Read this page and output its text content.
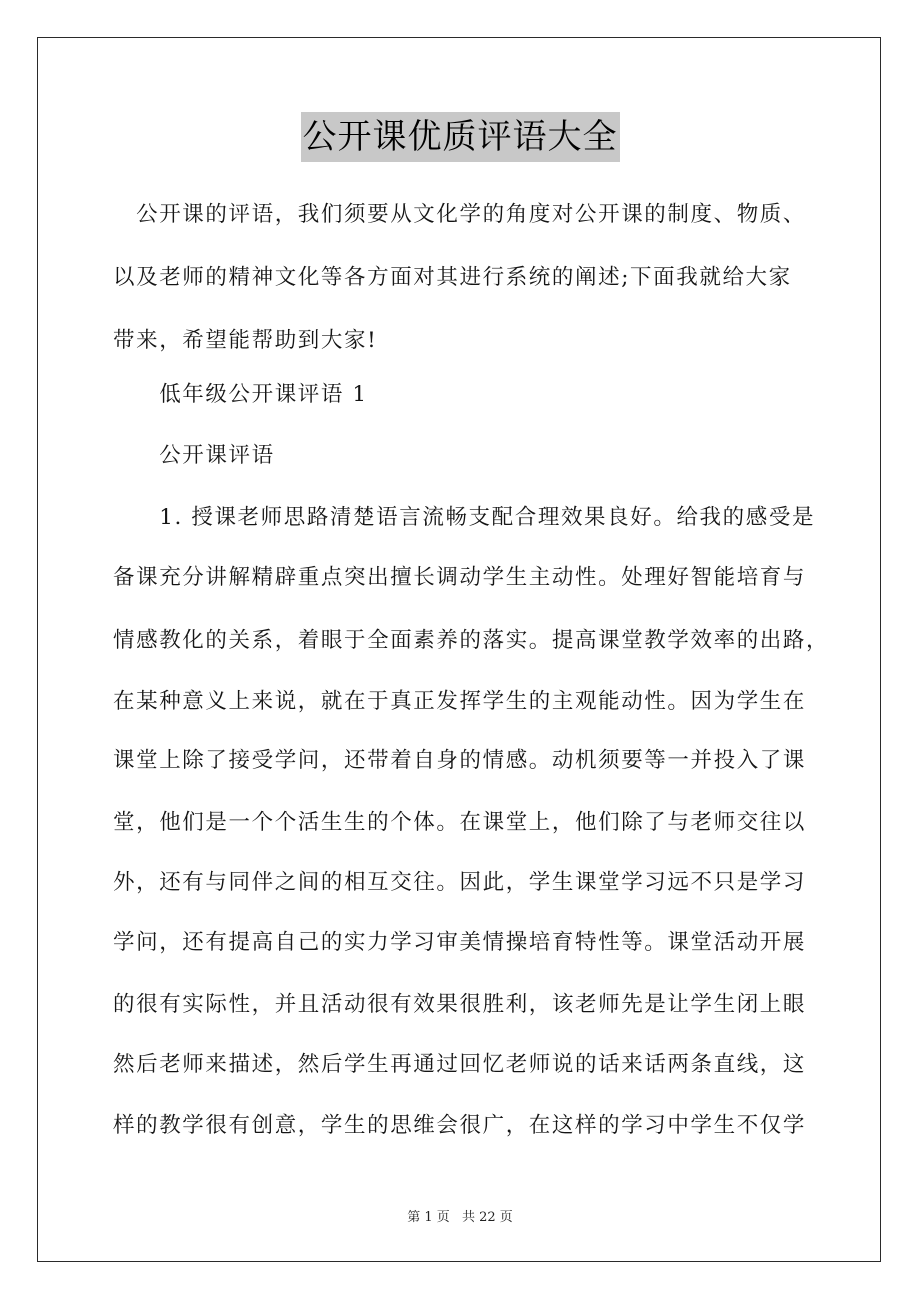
公开课优质评语大全
　公开课的评语，我们须要从文化学的角度对公开课的制度、物质、
以及老师的精神文化等各方面对其进行系统的阐述;下面我就给大家
带来，希望能帮助到大家!
　　低年级公开课评语 1
　　公开课评语
　　1. 授课老师思路清楚语言流畅支配合理效果良好。给我的感受是
备课充分讲解精辟重点突出擅长调动学生主动性。处理好智能培育与
情感教化的关系，着眼于全面素养的落实。提高课堂教学效率的出路，
在某种意义上来说，就在于真正发挥学生的主观能动性。因为学生在
课堂上除了接受学问，还带着自身的情感。动机须要等一并投入了课
堂，他们是一个个活生生的个体。在课堂上，他们除了与老师交往以
外，还有与同伴之间的相互交往。因此，学生课堂学习远不只是学习
学问，还有提高自己的实力学习审美情操培育特性等。课堂活动开展
的很有实际性，并且活动很有效果很胜利，该老师先是让学生闭上眼
然后老师来描述，然后学生再通过回忆老师说的话来话两条直线，这
样的教学很有创意，学生的思维会很广，在这样的学习中学生不仅学
第 1 页 共 22 页
